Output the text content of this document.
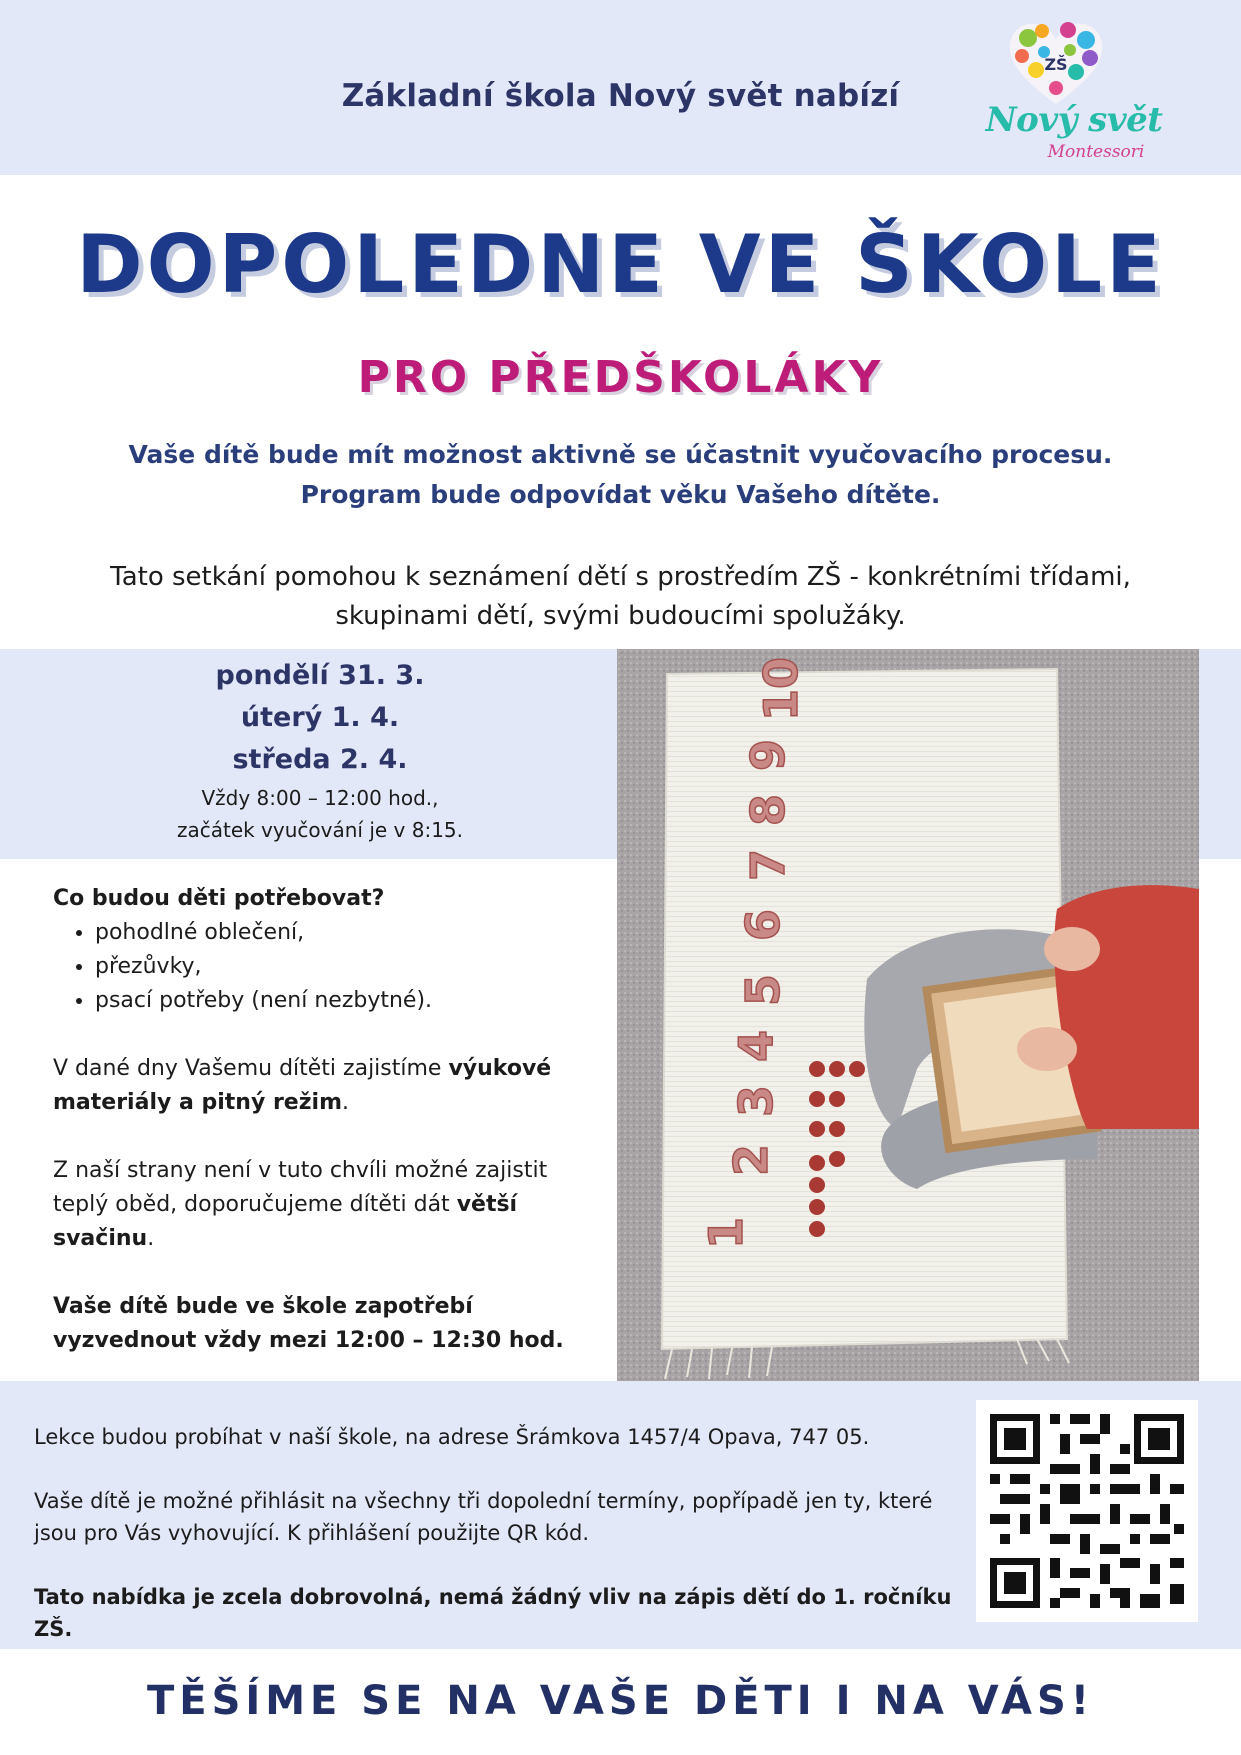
Základní škola Nový svět nabízí
ZŠ
Nový svět
Montessori
DOPOLEDNE VE ŠKOLE
PRO PŘEDŠKOLÁKY
Vaše dítě bude mít možnost aktivně se účastnit vyučovacího procesu.
Program bude odpovídat věku Vašeho dítěte.
Tato setkání pomohou k seznámení dětí s prostředím ZŠ - konkrétními třídami,
skupinami dětí, svými budoucími spolužáky.
pondělí 31. 3.
úterý 1. 4.
středa 2. 4.
Vždy 8:00 – 12:00 hod.,
začátek vyučování je v 8:15.
1
2
3
4
5
6
7
8
9
10

Co budou děti potřebovat?

• pohodlné oblečení,
• přezůvky,
• psací potřeby (není nezbytné).

V dané dny Vašemu dítěti zajistíme výukové materiály a pitný režim.

Z naší strany není v tuto chvíli možné zajistit teplý oběd, doporučujeme dítěti dát větší svačinu.

Vaše dítě bude ve škole zapotřebí vyzvednout vždy mezi 12:00 – 12:30 hod.

Lekce budou probíhat v naší škole, na adrese Šrámkova 1457/4 Opava, 747 05.

Vaše dítě je možné přihlásit na všechny tři dopolední termíny, popřípadě jen ty, které jsou pro Vás vyhovující. K přihlášení použijte QR kód.

Tato nabídka je zcela dobrovolná, nemá žádný vliv na zápis dětí do 1. ročníku ZŠ.

TĚŠÍME SE NA VAŠE DĚTI I NA VÁS!
